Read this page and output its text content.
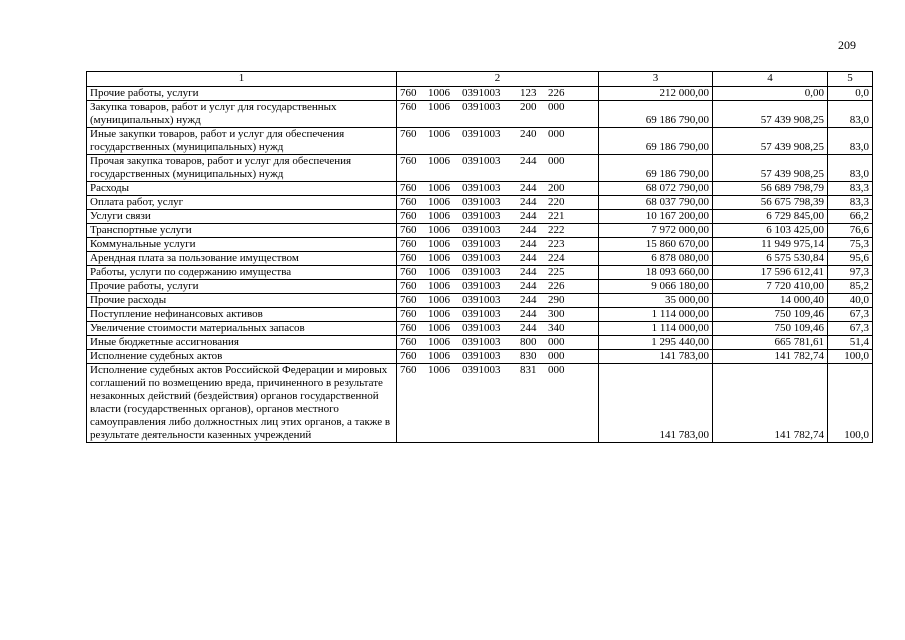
209
1	2	3	4	5
Прочие работы, услуги	760 1006 0391003 123 226	212 000,00	0,00	0,0
Закупка товаров, работ и услуг для государственных (муниципальных) нужд	760 1006 0391003 200 000	69 186 790,00	57 439 908,25	83,0
Иные закупки товаров, работ и услуг для обеспечения государственных (муниципальных) нужд	760 1006 0391003 240 000	69 186 790,00	57 439 908,25	83,0
Прочая закупка товаров, работ и услуг для обеспечения государственных (муниципальных) нужд	760 1006 0391003 244 000	69 186 790,00	57 439 908,25	83,0
Расходы	760 1006 0391003 244 200	68 072 790,00	56 689 798,79	83,3
Оплата работ, услуг	760 1006 0391003 244 220	68 037 790,00	56 675 798,39	83,3
Услуги связи	760 1006 0391003 244 221	10 167 200,00	6 729 845,00	66,2
Транспортные услуги	760 1006 0391003 244 222	7 972 000,00	6 103 425,00	76,6
Коммунальные услуги	760 1006 0391003 244 223	15 860 670,00	11 949 975,14	75,3
Арендная плата за пользование имуществом	760 1006 0391003 244 224	6 878 080,00	6 575 530,84	95,6
Работы, услуги по содержанию имущества	760 1006 0391003 244 225	18 093 660,00	17 596 612,41	97,3
Прочие работы, услуги	760 1006 0391003 244 226	9 066 180,00	7 720 410,00	85,2
Прочие расходы	760 1006 0391003 244 290	35 000,00	14 000,40	40,0
Поступление нефинансовых активов	760 1006 0391003 244 300	1 114 000,00	750 109,46	67,3
Увеличение стоимости материальных запасов	760 1006 0391003 244 340	1 114 000,00	750 109,46	67,3
Иные бюджетные ассигнования	760 1006 0391003 800 000	1 295 440,00	665 781,61	51,4
Исполнение судебных актов	760 1006 0391003 830 000	141 783,00	141 782,74	100,0
Исполнение судебных актов Российской Федерации и мировых соглашений по возмещению вреда, причиненного в результате незаконных действий (бездействия) органов государственной власти (государственных органов), органов местного самоуправления либо должностных лиц этих органов, а также в результате деятельности казенных учреждений	760 1006 0391003 831 000	141 783,00	141 782,74	100,0
